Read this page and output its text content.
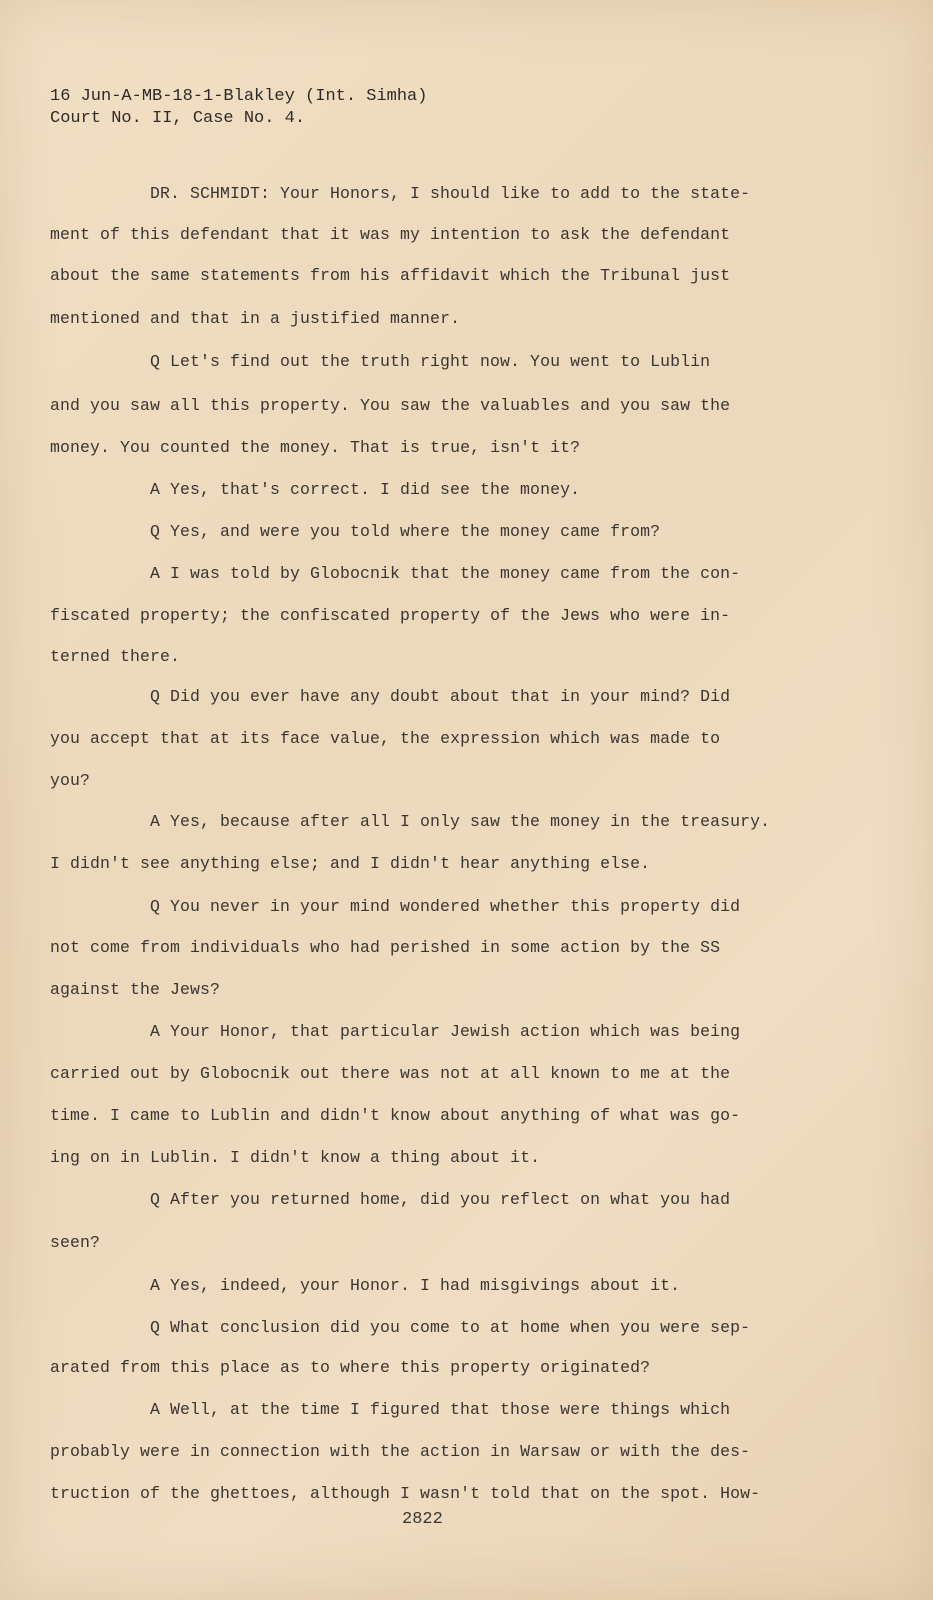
16 Jun-A-MB-18-1-Blakley (Int. Simha)
Court No. II, Case No. 4.
DR. SCHMIDT: Your Honors, I should like to add to the state-
ment of this defendant that it was my intention to ask the defendant
about the same statements from his affidavit which the Tribunal just
mentioned and that in a justified manner.
Q Let's find out the truth right now. You went to Lublin
and you saw all this property. You saw the valuables and you saw the
money. You counted the money. That is true, isn't it?
A Yes, that's correct. I did see the money.
Q Yes, and were you told where the money came from?
A I was told by Globocnik that the money came from the con-
fiscated property; the confiscated property of the Jews who were in-
terned there.
Q Did you ever have any doubt about that in your mind? Did
you accept that at its face value, the expression which was made to
you?
A Yes, because after all I only saw the money in the treasury.
I didn't see anything else; and I didn't hear anything else.
Q You never in your mind wondered whether this property did
not come from individuals who had perished in some action by the SS
against the Jews?
A Your Honor, that particular Jewish action which was being
carried out by Globocnik out there was not at all known to me at the
time. I came to Lublin and didn't know about anything of what was go-
ing on in Lublin. I didn't know a thing about it.
Q After you returned home, did you reflect on what you had
seen?
A Yes, indeed, your Honor. I had misgivings about it.
Q What conclusion did you come to at home when you were sep-
arated from this place as to where this property originated?
A Well, at the time I figured that those were things which
probably were in connection with the action in Warsaw or with the des-
truction of the ghettoes, although I wasn't told that on the spot. How-
2822
